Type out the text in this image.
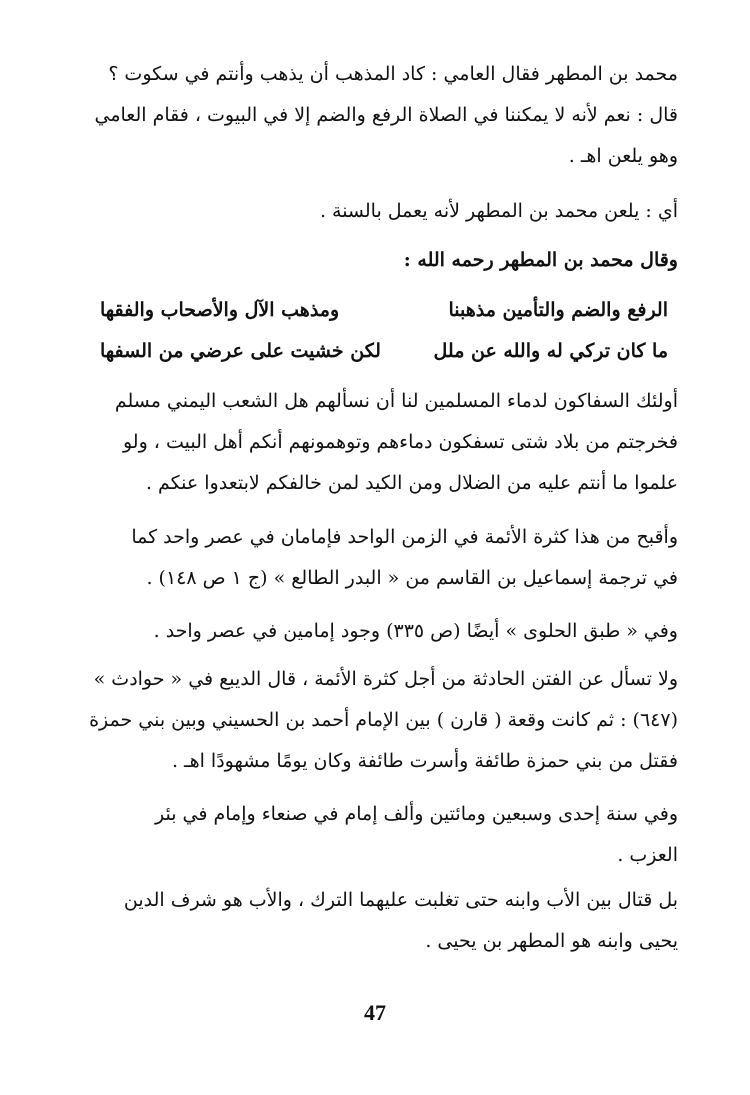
محمد بن المطهر فقال العامي : كاد المذهب أن يذهب وأنتم في سكوت ؟
قال : نعم لأنه لا يمكننا في الصلاة الرفع والضم إلا في البيوت ، فقام العامي
وهو يلعن اهـ .
أي : يلعن محمد بن المطهر لأنه يعمل بالسنة .
وقال محمد بن المطهر رحمه الله :
الرفع والضم والتأمين مذهبنا
ومذهب الآل والأصحاب والفقها
ما كان تركي له والله عن ملل
لكن خشيت على عرضي من السفها
أولئك السفاكون لدماء المسلمين لنا أن نسألهم هل الشعب اليمني مسلم
فخرجتم من بلاد شتى تسفكون دماءهم وتوهمونهم أنكم أهل البيت ، ولو
علموا ما أنتم عليه من الضلال ومن الكيد لمن خالفكم لابتعدوا عنكم .
وأقبح من هذا كثرة الأئمة في الزمن الواحد فإمامان في عصر واحد كما
في ترجمة إسماعيل بن القاسم من « البدر الطالع » (ج ١ ص ١٤٨) .
وفي « طبق الحلوى » أيضًا (ص ٣٣٥) وجود إمامين في عصر واحد .
ولا تسأل عن الفتن الحادثة من أجل كثرة الأئمة ، قال الديبع في « حوادث »
(٦٤٧) : ثم كانت وقعة ( قارن ) بين الإمام أحمد بن الحسيني وبين بني حمزة
فقتل من بني حمزة طائفة وأسرت طائفة وكان يومًا مشهودًا اهـ .
وفي سنة إحدى وسبعين ومائتين وألف إمام في صنعاء وإمام في بئر
العزب .
بل قتال بين الأب وابنه حتى تغلبت عليهما الترك ، والأب هو شرف الدين
يحيى وابنه هو المطهر بن يحيى .
47
